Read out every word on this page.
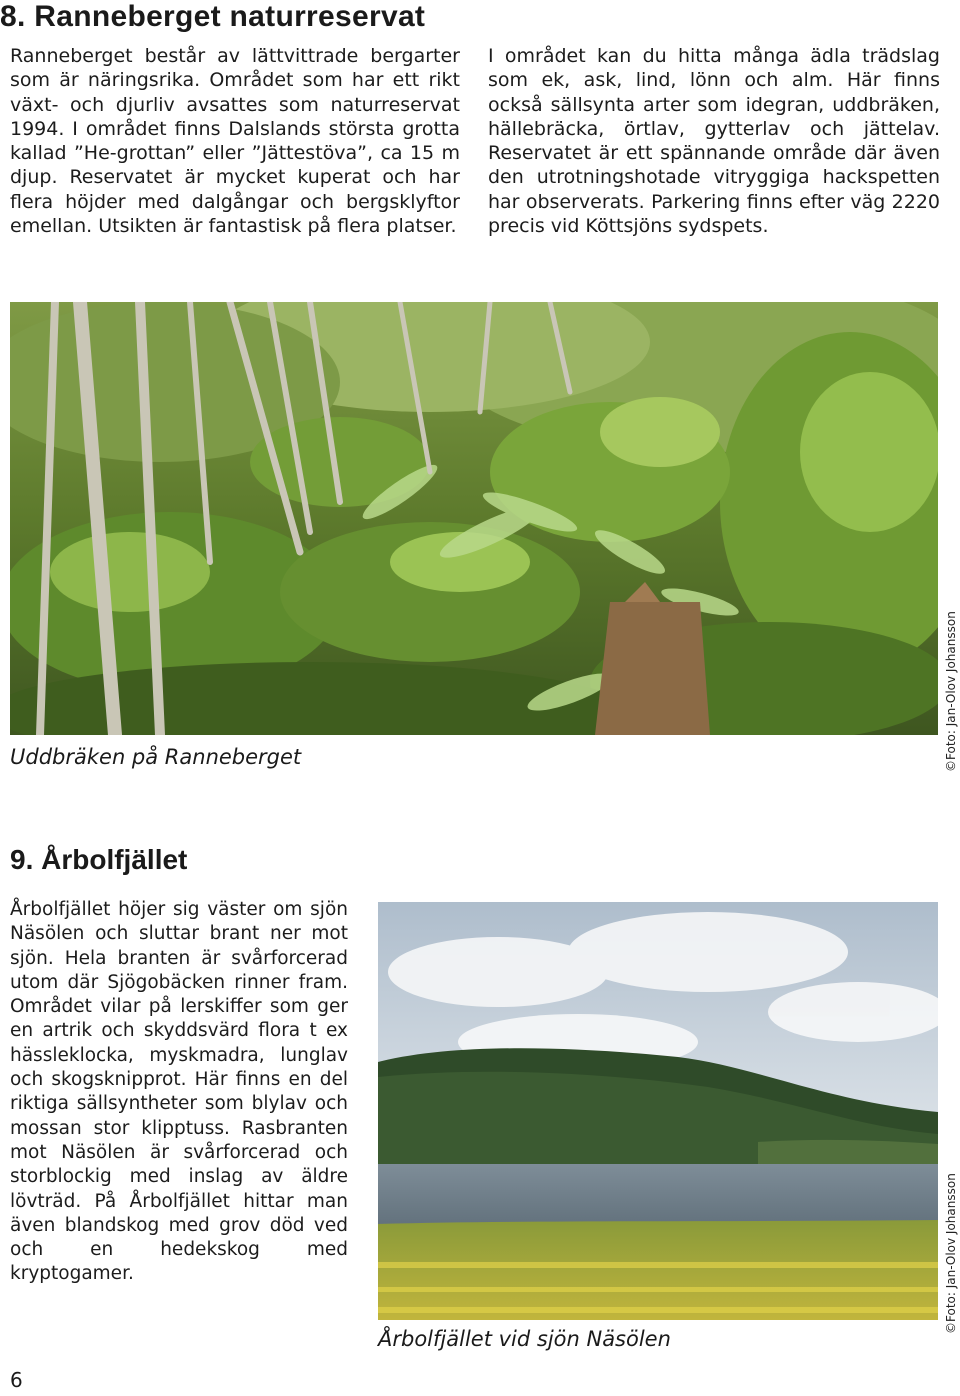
8. Ranneberget naturreservat
Ranneberget består av lättvittrade bergarter som är näringsrika. Området som har ett rikt växt- och djurliv avsattes som naturreservat 1994. I området finns Dalslands största grotta kallad ”He-grottan” eller ”Jättestöva”, ca 15 m djup. Reservatet är mycket kuperat och har flera höjder med dalgångar och bergsklyftor emellan. Utsikten är fantastisk på flera platser.
I området kan du hitta många ädla trädslag som ek, ask, lind, lönn och alm. Här finns också sällsynta arter som idegran, uddbräken, hällebräcka, örtlav, gytterlav och jättelav. Reservatet är ett spännande område där även den utrotningshotade vitryggiga hackspetten har observerats. Parkering finns efter väg 2220 precis vid Köttsjöns sydspets.
Uddbräken på Ranneberget	©Foto: Jan-Olov Johansson
9. Årbolfjället
Årbolfjället höjer sig väster om sjön Näsölen och sluttar brant ner mot sjön. Hela branten är svårforcerad utom där Sjögobäcken rinner fram. Området vilar på lerskiffer som ger en artrik och skyddsvärd flora t ex hässleklocka, myskmadra, lunglav och skogsknipprot. Här finns en del riktiga sällsyntheter som blylav och mossan stor klipptuss. Rasbranten mot Näsölen är svårforcerad och storblockig med inslag av äldre lövträd. På Årbolfjället hittar man även blandskog med grov död ved och en hedekskog med kryptogamer.
Årbolfjället vid sjön Näsölen
©Foto: Jan-Olov Johansson
6
